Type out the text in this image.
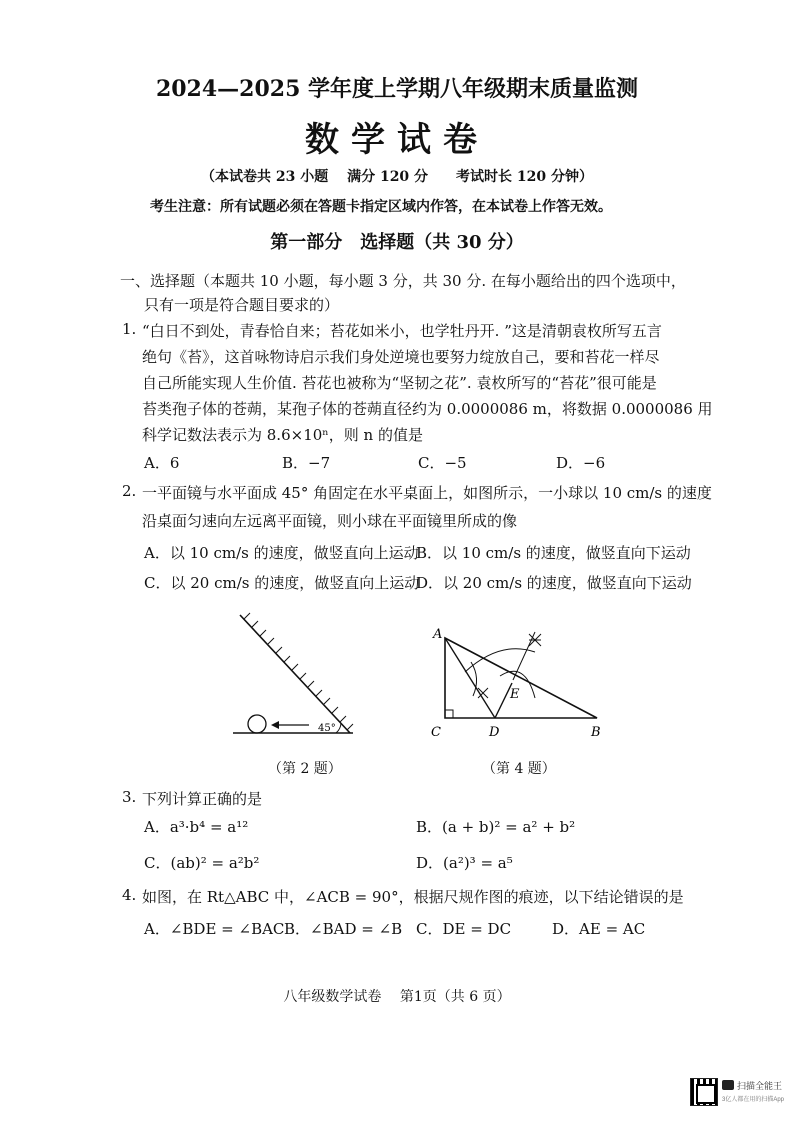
2024—2025 学年度上学期八年级期末质量监测
数学试卷
（本试卷共 23 小题　 满分 120 分　　考试时长 120 分钟）
考生注意：所有试题必须在答题卡指定区域内作答，在本试卷上作答无效。
第一部分　选择题（共 30 分）
一、选择题（本题共 10 小题，每小题 3 分，共 30 分. 在每小题给出的四个选项中，
只有一项是符合题目要求的）
1. “白日不到处，青春恰自来；苔花如米小，也学牡丹开. ”这是清朝袁枚所写五言
绝句《苔》，这首咏物诗启示我们身处逆境也要努力绽放自己，要和苔花一样尽
自己所能实现人生价值. 苔花也被称为“坚韧之花”. 袁枚所写的“苔花”很可能是
苔类孢子体的苍蒴，某孢子体的苍蒴直径约为 0.0000086 m，将数据 0.0000086 用
科学记数法表示为 8.6×10ⁿ，则 n 的值是
A．6	B．−7	C．−5	D．−6
2. 一平面镜与水平面成 45° 角固定在水平桌面上，如图所示，一小球以 10 cm/s 的速度
沿桌面匀速向左远离平面镜，则小球在平面镜里所成的像
A．以 10 cm/s 的速度，做竖直向上运动
B．以 10 cm/s 的速度，做竖直向下运动
C．以 20 cm/s 的速度，做竖直向上运动
D．以 20 cm/s 的速度，做竖直向下运动
45°
（第 2 题）
A
C	D	B
E
（第 4 题）
3. 下列计算正确的是
A．a³·b⁴ = a¹²	B．(a + b)² = a² + b²
C．(ab)² = a²b²	D．(a²)³ = a⁵
4. 如图，在 Rt△ABC 中，∠ACB = 90°，根据尺规作图的痕迹，以下结论错误的是
A．∠BDE = ∠BAC B．∠BAD = ∠B C．DE = DC	D．AE = AC
八年级数学试卷　 第1页（共 6 页）
扫描全能王
3亿人都在用的扫描App
